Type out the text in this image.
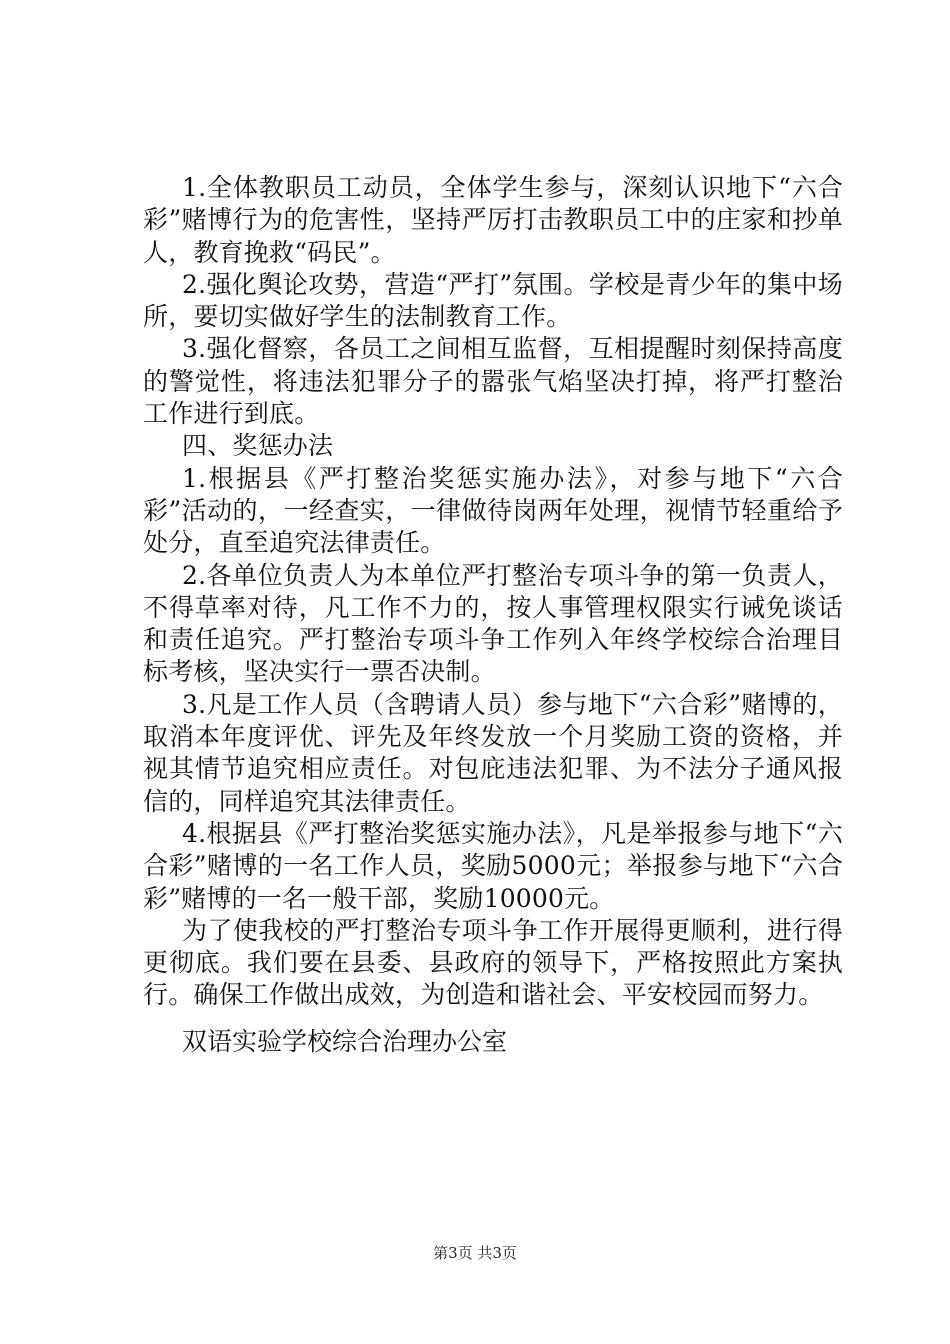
1.全体教职员工动员，全体学生参与，深刻认识地下“六合彩”赌博行为的危害性，坚持严厉打击教职员工中的庄家和抄单人，教育挽救“码民”。

2.强化舆论攻势，营造“严打”氛围。学校是青少年的集中场所，要切实做好学生的法制教育工作。

3.强化督察，各员工之间相互监督，互相提醒时刻保持高度的警觉性，将违法犯罪分子的嚣张气焰坚决打掉，将严打整治工作进行到底。

四、奖惩办法

1.根据县《严打整治奖惩实施办法》，对参与地下“六合彩”活动的，一经查实，一律做待岗两年处理，视情节轻重给予处分，直至追究法律责任。

2.各单位负责人为本单位严打整治专项斗争的第一负责人，不得草率对待，凡工作不力的，按人事管理权限实行诫免谈话和责任追究。严打整治专项斗争工作列入年终学校综合治理目标考核，坚决实行一票否决制。

3.凡是工作人员（含聘请人员）参与地下“六合彩”赌博的，取消本年度评优、评先及年终发放一个月奖励工资的资格，并视其情节追究相应责任。对包庇违法犯罪、为不法分子通风报信的，同样追究其法律责任。

4.根据县《严打整治奖惩实施办法》，凡是举报参与地下“六合彩”赌博的一名工作人员，奖励5000元；举报参与地下“六合彩”赌博的一名一般干部，奖励10000元。

为了使我校的严打整治专项斗争工作开展得更顺利，进行得更彻底。我们要在县委、县政府的领导下，严格按照此方案执行。确保工作做出成效，为创造和谐社会、平安校园而努力。

双语实验学校综合治理办公室

第3页 共3页
